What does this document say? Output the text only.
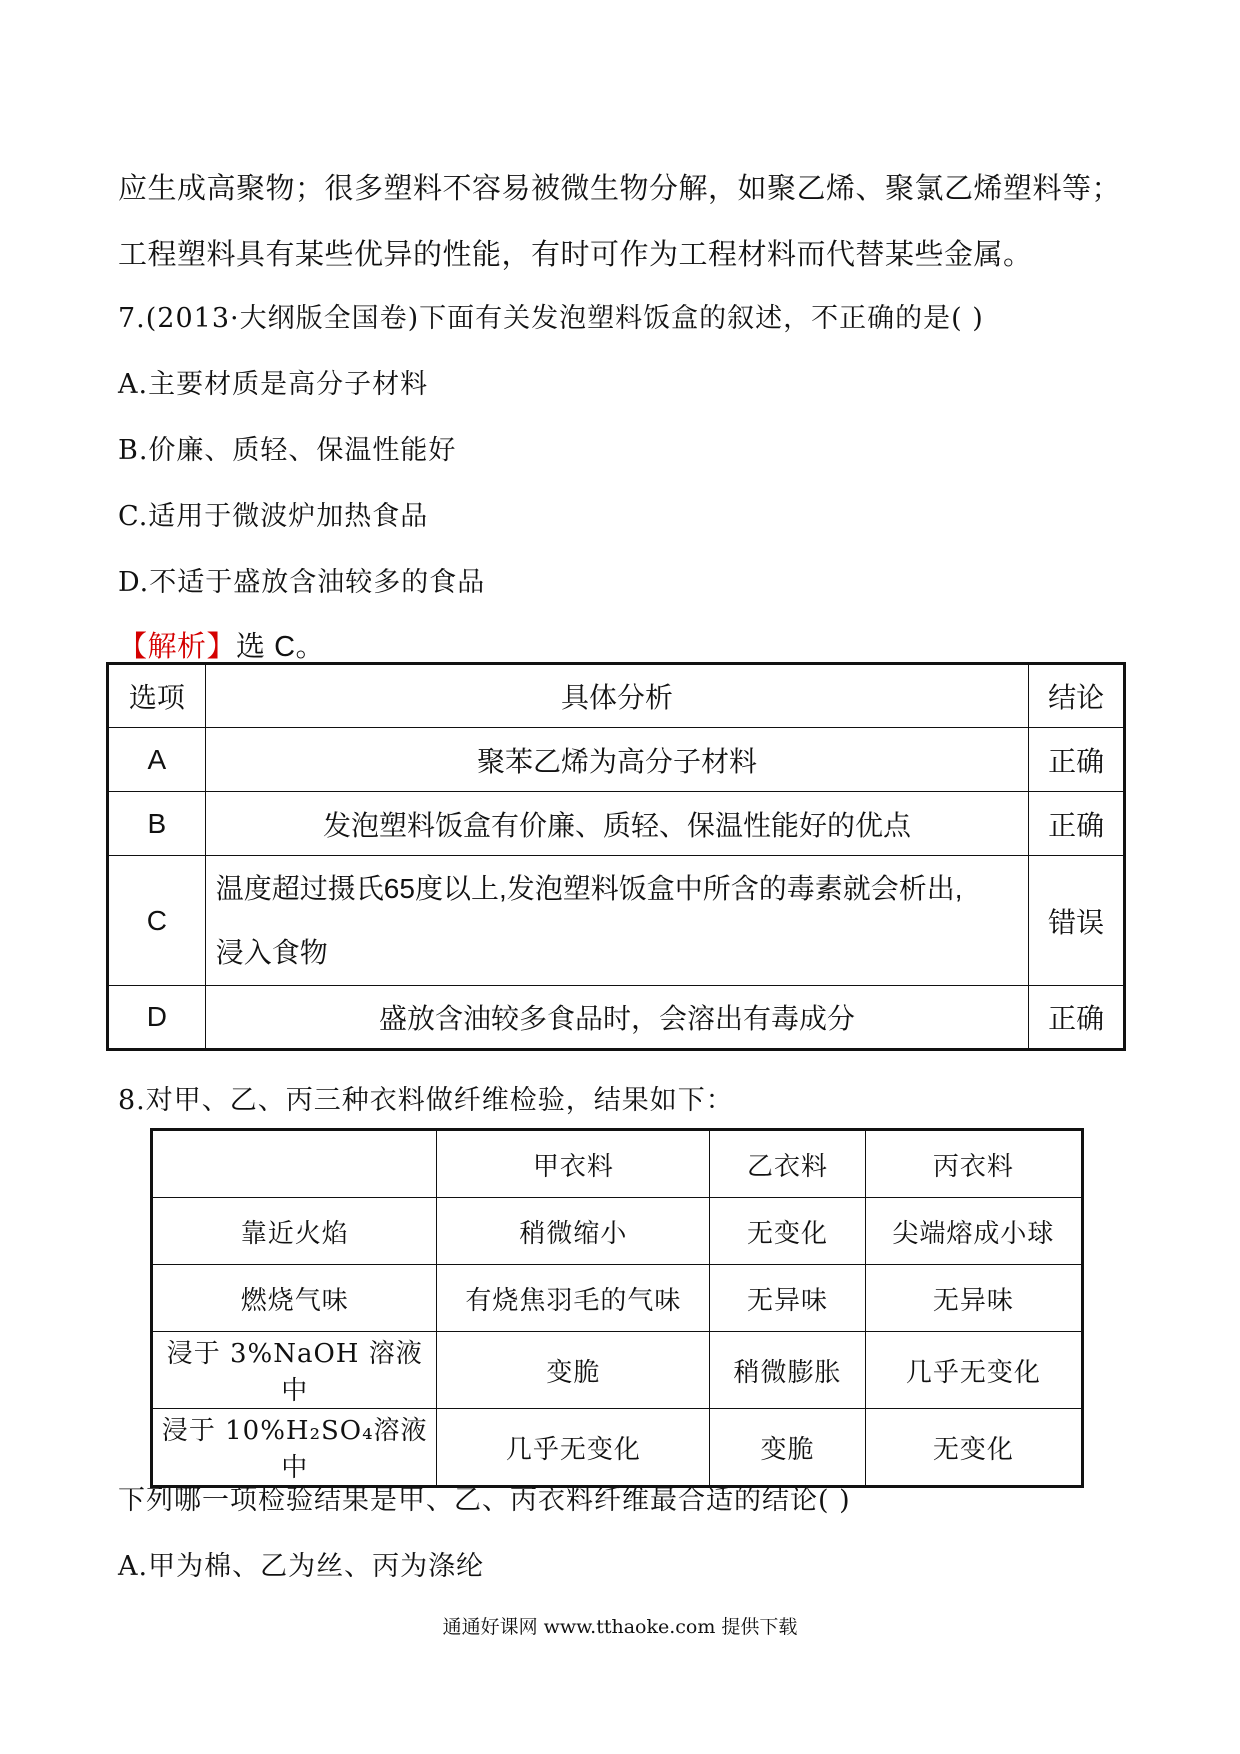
应生成高聚物；很多塑料不容易被微生物分解，如聚乙烯、聚氯乙烯塑料等；
工程塑料具有某些优异的性能，有时可作为工程材料而代替某些金属。
7.(2013·大纲版全国卷)下面有关发泡塑料饭盒的叙述，不正确的是( )
A.主要材质是高分子材料
B.价廉、质轻、保温性能好
C.适用于微波炉加热食品
D.不适于盛放含油较多的食品
【解析】选 C。
选项	具体分析	结论
A	聚苯乙烯为高分子材料	正确
B	发泡塑料饭盒有价廉、质轻、保温性能好的优点	正确
C	温度超过摄氏65度以上,发泡塑料饭盒中所含的毒素就会析出,
浸入食物	错误
D	盛放含油较多食品时，会溶出有毒成分	正确
8.对甲、乙、丙三种衣料做纤维检验，结果如下：
	甲衣料	乙衣料	丙衣料
靠近火焰	稍微缩小	无变化	尖端熔成小球
燃烧气味	有烧焦羽毛的气味	无异味	无异味
浸于 3%NaOH 溶液中	变脆	稍微膨胀	几乎无变化
浸于 10%H₂SO₄溶液中	几乎无变化	变脆	无变化
下列哪一项检验结果是甲、乙、丙衣料纤维最合适的结论( )
A.甲为棉、乙为丝、丙为涤纶
通通好课网 www.tthaoke.com 提供下载
